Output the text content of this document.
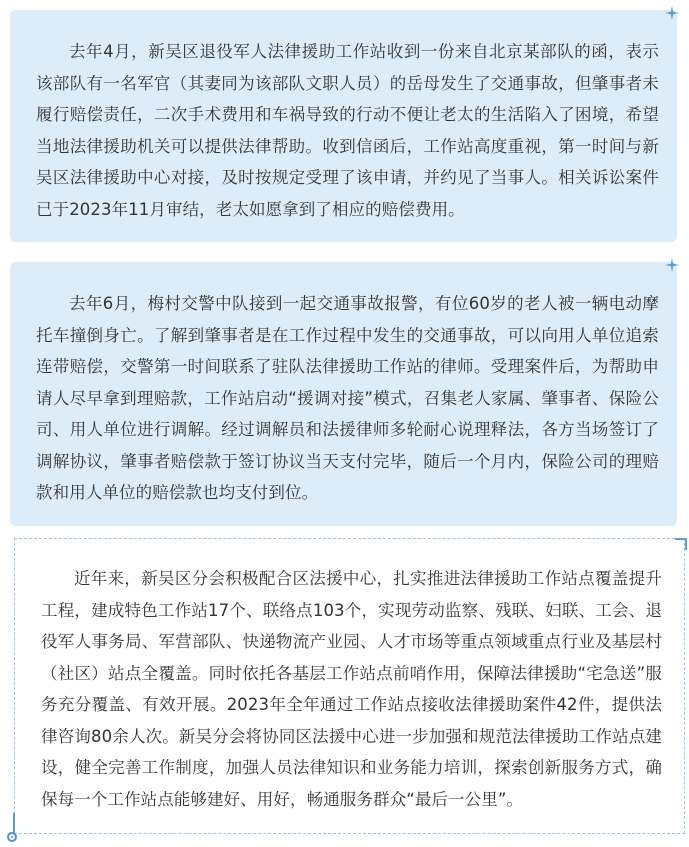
去年4月，新吴区退役军人法律援助工作站收到一份来自北京某部队的函，表示该部队有一名军官（其妻同为该部队文职人员）的岳母发生了交通事故，但肇事者未履行赔偿责任，二次手术费用和车祸导致的行动不便让老太的生活陷入了困境，希望当地法律援助机关可以提供法律帮助。收到信函后，工作站高度重视，第一时间与新吴区法律援助中心对接，及时按规定受理了该申请，并约见了当事人。相关诉讼案件已于2023年11月审结，老太如愿拿到了相应的赔偿费用。

去年6月，梅村交警中队接到一起交通事故报警，有位60岁的老人被一辆电动摩托车撞倒身亡。了解到肇事者是在工作过程中发生的交通事故，可以向用人单位追索连带赔偿，交警第一时间联系了驻队法律援助工作站的律师。受理案件后，为帮助申请人尽早拿到理赔款，工作站启动“援调对接”模式，召集老人家属、肇事者、保险公司、用人单位进行调解。经过调解员和法援律师多轮耐心说理释法，各方当场签订了调解协议，肇事者赔偿款于签订协议当天支付完毕，随后一个月内，保险公司的理赔款和用人单位的赔偿款也均支付到位。

近年来，新吴区分会积极配合区法援中心，扎实推进法律援助工作站点覆盖提升工程，建成特色工作站17个、联络点103个，实现劳动监察、残联、妇联、工会、退役军人事务局、军营部队、快递物流产业园、人才市场等重点领域重点行业及基层村（社区）站点全覆盖。同时依托各基层工作站点前哨作用，保障法律援助“宅急送”服务充分覆盖、有效开展。2023年全年通过工作站点接收法律援助案件42件，提供法律咨询80余人次。新吴分会将协同区法援中心进一步加强和规范法律援助工作站点建设，健全完善工作制度，加强人员法律知识和业务能力培训，探索创新服务方式，确保每一个工作站点能够建好、用好，畅通服务群众“最后一公里”。
